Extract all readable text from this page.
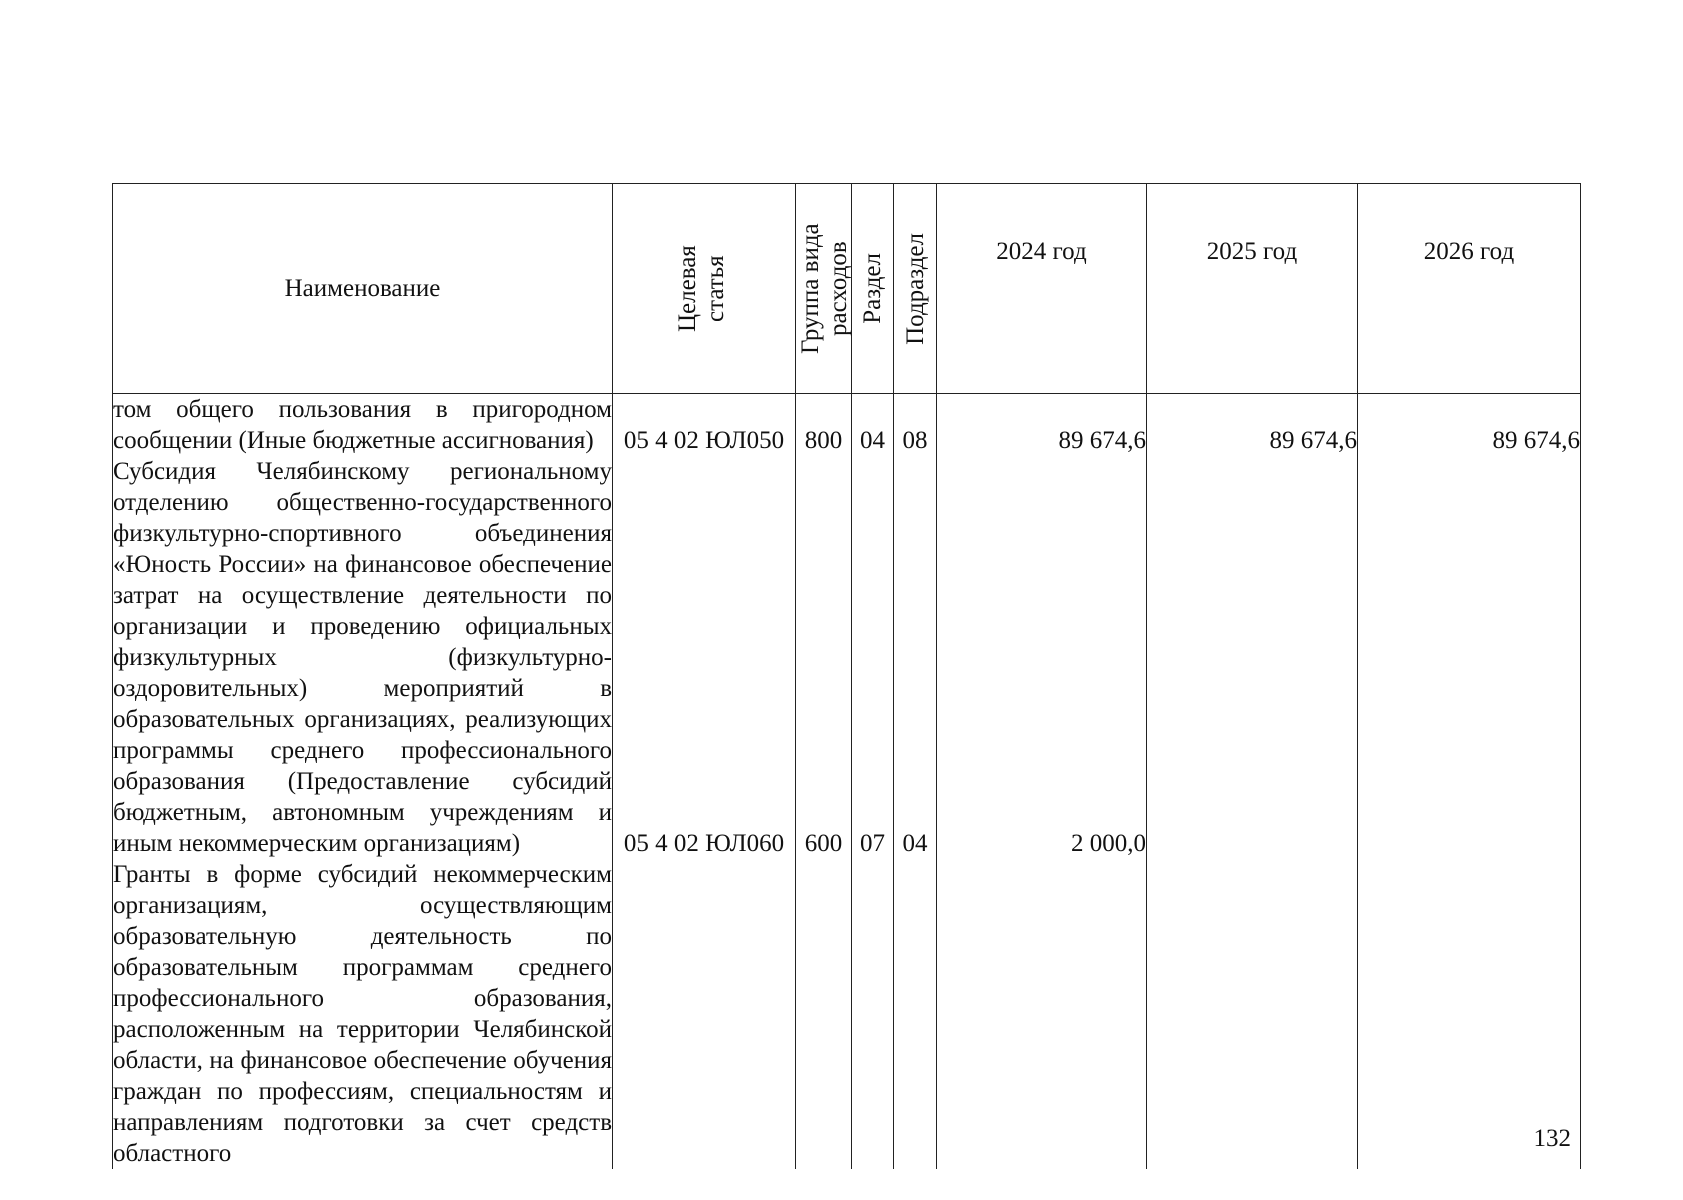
Наименование	Целевая статья	Группа вида расходов	Раздел	Подраздел	2024 год	2025 год	2026 год
том общего пользования в пригородном сообщении (Иные бюджетные ассигнования)	05 4 02 ЮЛ050	800	04	08	89 674,6	89 674,6	89 674,6
Субсидия Челябинскому региональному отделению общественно-государственного физкультурно-спортивного объединения «Юность России» на финансовое обеспечение затрат на осуществление деятельности по организации и проведению официальных физкультурных (физкультурно-оздоровительных) мероприятий в образовательных организациях, реализующих программы среднего профессионального образования (Предоставление субсидий бюджетным, автономным учреждениям и иным некоммерческим организациям)	05 4 02 ЮЛ060	600	07	04	2 000,0		
Гранты в форме субсидий некоммерческим организациям, осуществляющим образовательную деятельность по образовательным программам среднего профессионального образования, расположенным на территории Челябинской области, на финансовое обеспечение обучения граждан по профессиям, специальностям и направлениям подготовки за счет средств областного							
132
